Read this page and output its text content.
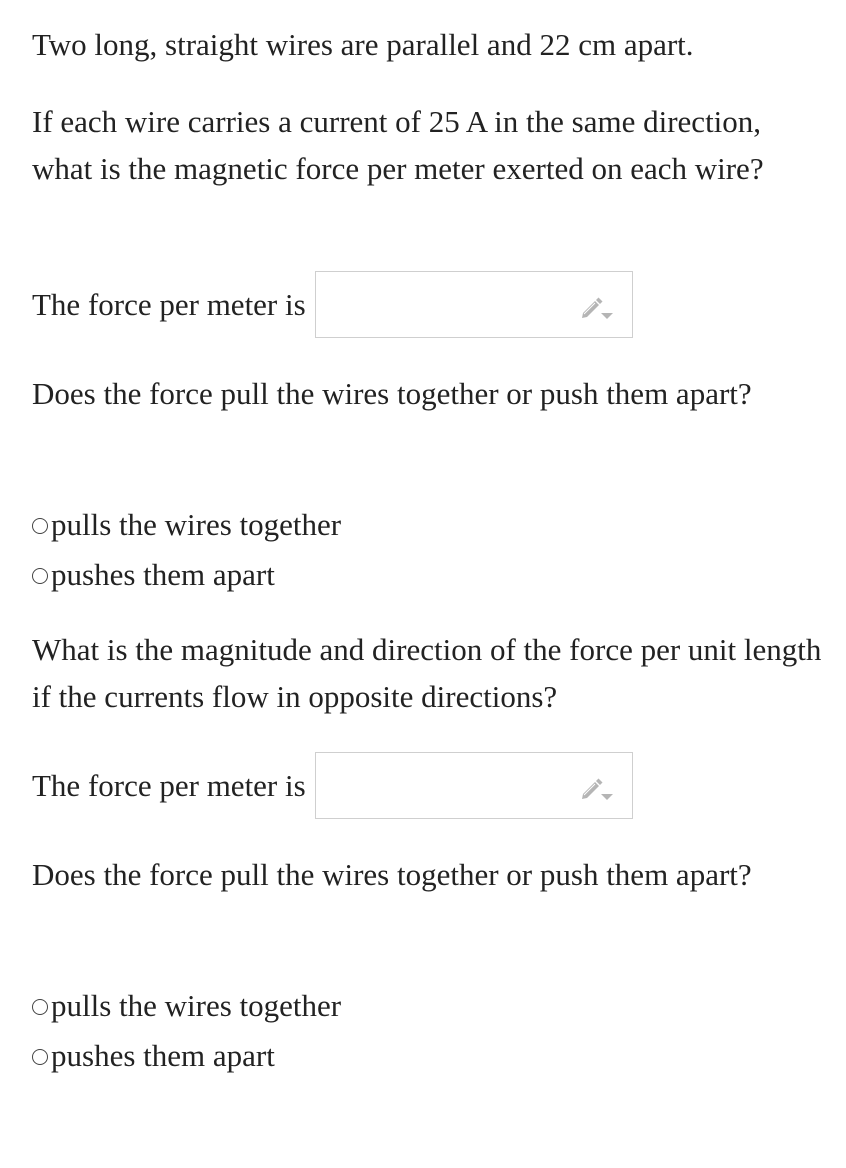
Two long, straight wires are parallel and 22 cm apart.

If each wire carries a current of 25 A in the same direction, what is the magnetic force per meter exerted on each wire?

The force per meter is

Does the force pull the wires together or push them apart?

pulls the wires together
pushes them apart

What is the magnitude and direction of the force per unit length if the currents flow in opposite directions?

The force per meter is

Does the force pull the wires together or push them apart?

pulls the wires together
pushes them apart
